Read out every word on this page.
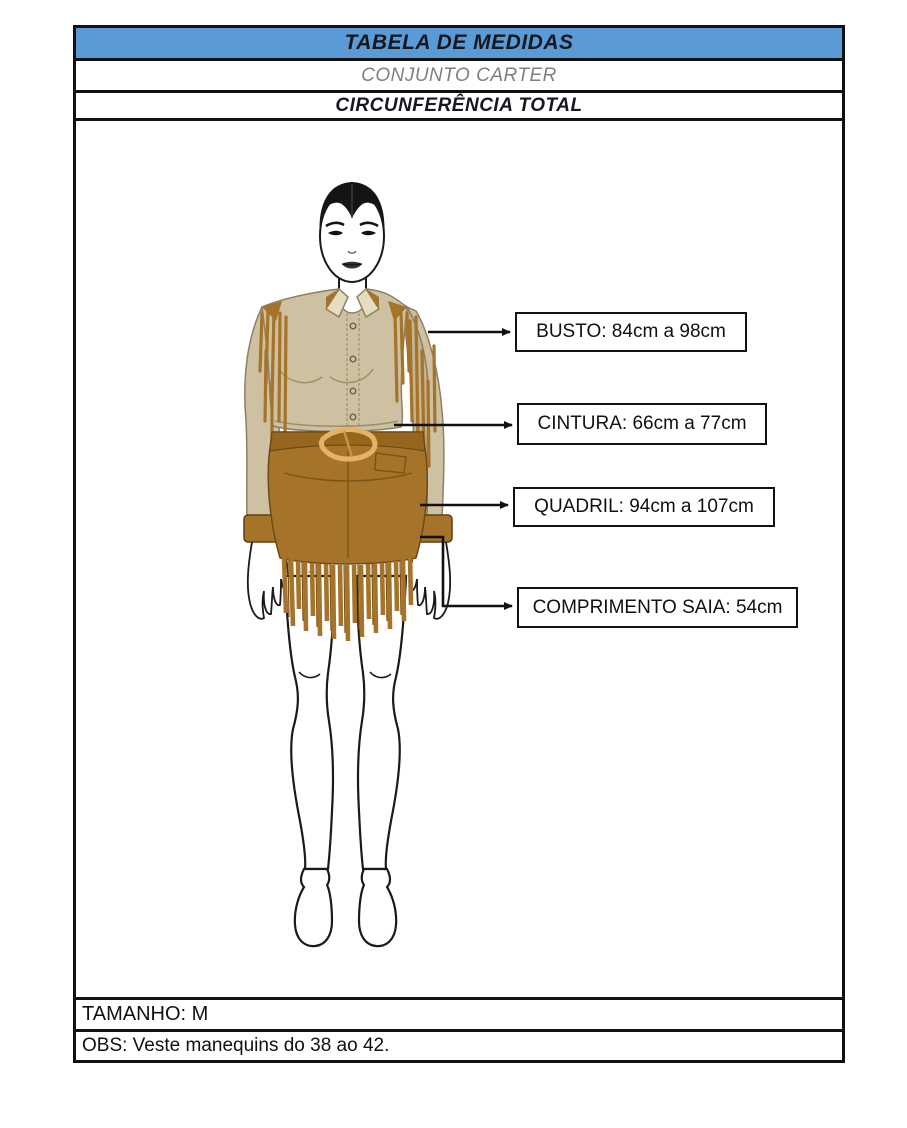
TABELA DE MEDIDAS
CONJUNTO CARTER
CIRCUNFERÊNCIA TOTAL
BUSTO: 84cm a 98cm
CINTURA: 66cm a 77cm
QUADRIL: 94cm a 107cm
COMPRIMENTO SAIA: 54cm
TAMANHO: M
OBS: Veste manequins do 38 ao 42.
